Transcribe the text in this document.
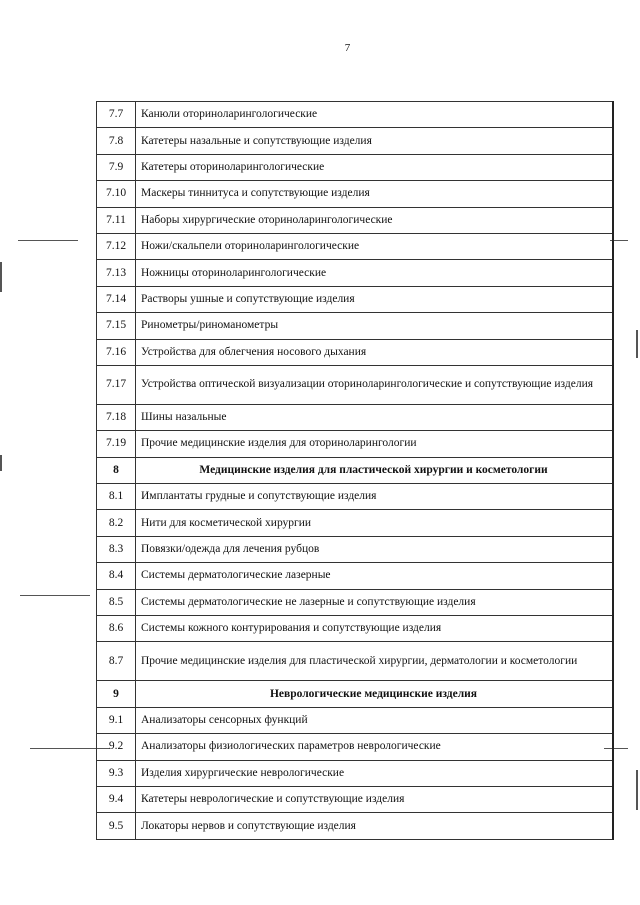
7
7.7	Канюли оториноларингологические
7.8	Катетеры назальные и сопутствующие изделия
7.9	Катетеры оториноларингологические
7.10	Маскеры тиннитуса и сопутствующие изделия
7.11	Наборы хирургические оториноларингологические
7.12	Ножи/скальпели оториноларингологические
7.13	Ножницы оториноларингологические
7.14	Растворы ушные и сопутствующие изделия
7.15	Ринометры/риноманометры
7.16	Устройства для облегчения носового дыхания
7.17	Устройства оптической визуализации оториноларингологические и сопутствующие изделия
7.18	Шины назальные
7.19	Прочие медицинские изделия для оториноларингологии
8	Медицинские изделия для пластической хирургии и косметологии
8.1	Имплантаты грудные и сопутствующие изделия
8.2	Нити для косметической хирургии
8.3	Повязки/одежда для лечения рубцов
8.4	Системы дерматологические лазерные
8.5	Системы дерматологические не лазерные и сопутствующие изделия
8.6	Системы кожного контурирования и сопутствующие изделия
8.7	Прочие медицинские изделия для пластической хирургии, дерматологии и косметологии
9	Неврологические медицинские изделия
9.1	Анализаторы сенсорных функций
9.2	Анализаторы физиологических параметров неврологические
9.3	Изделия хирургические неврологические
9.4	Катетеры неврологические и сопутствующие изделия
9.5	Локаторы нервов и сопутствующие изделия
